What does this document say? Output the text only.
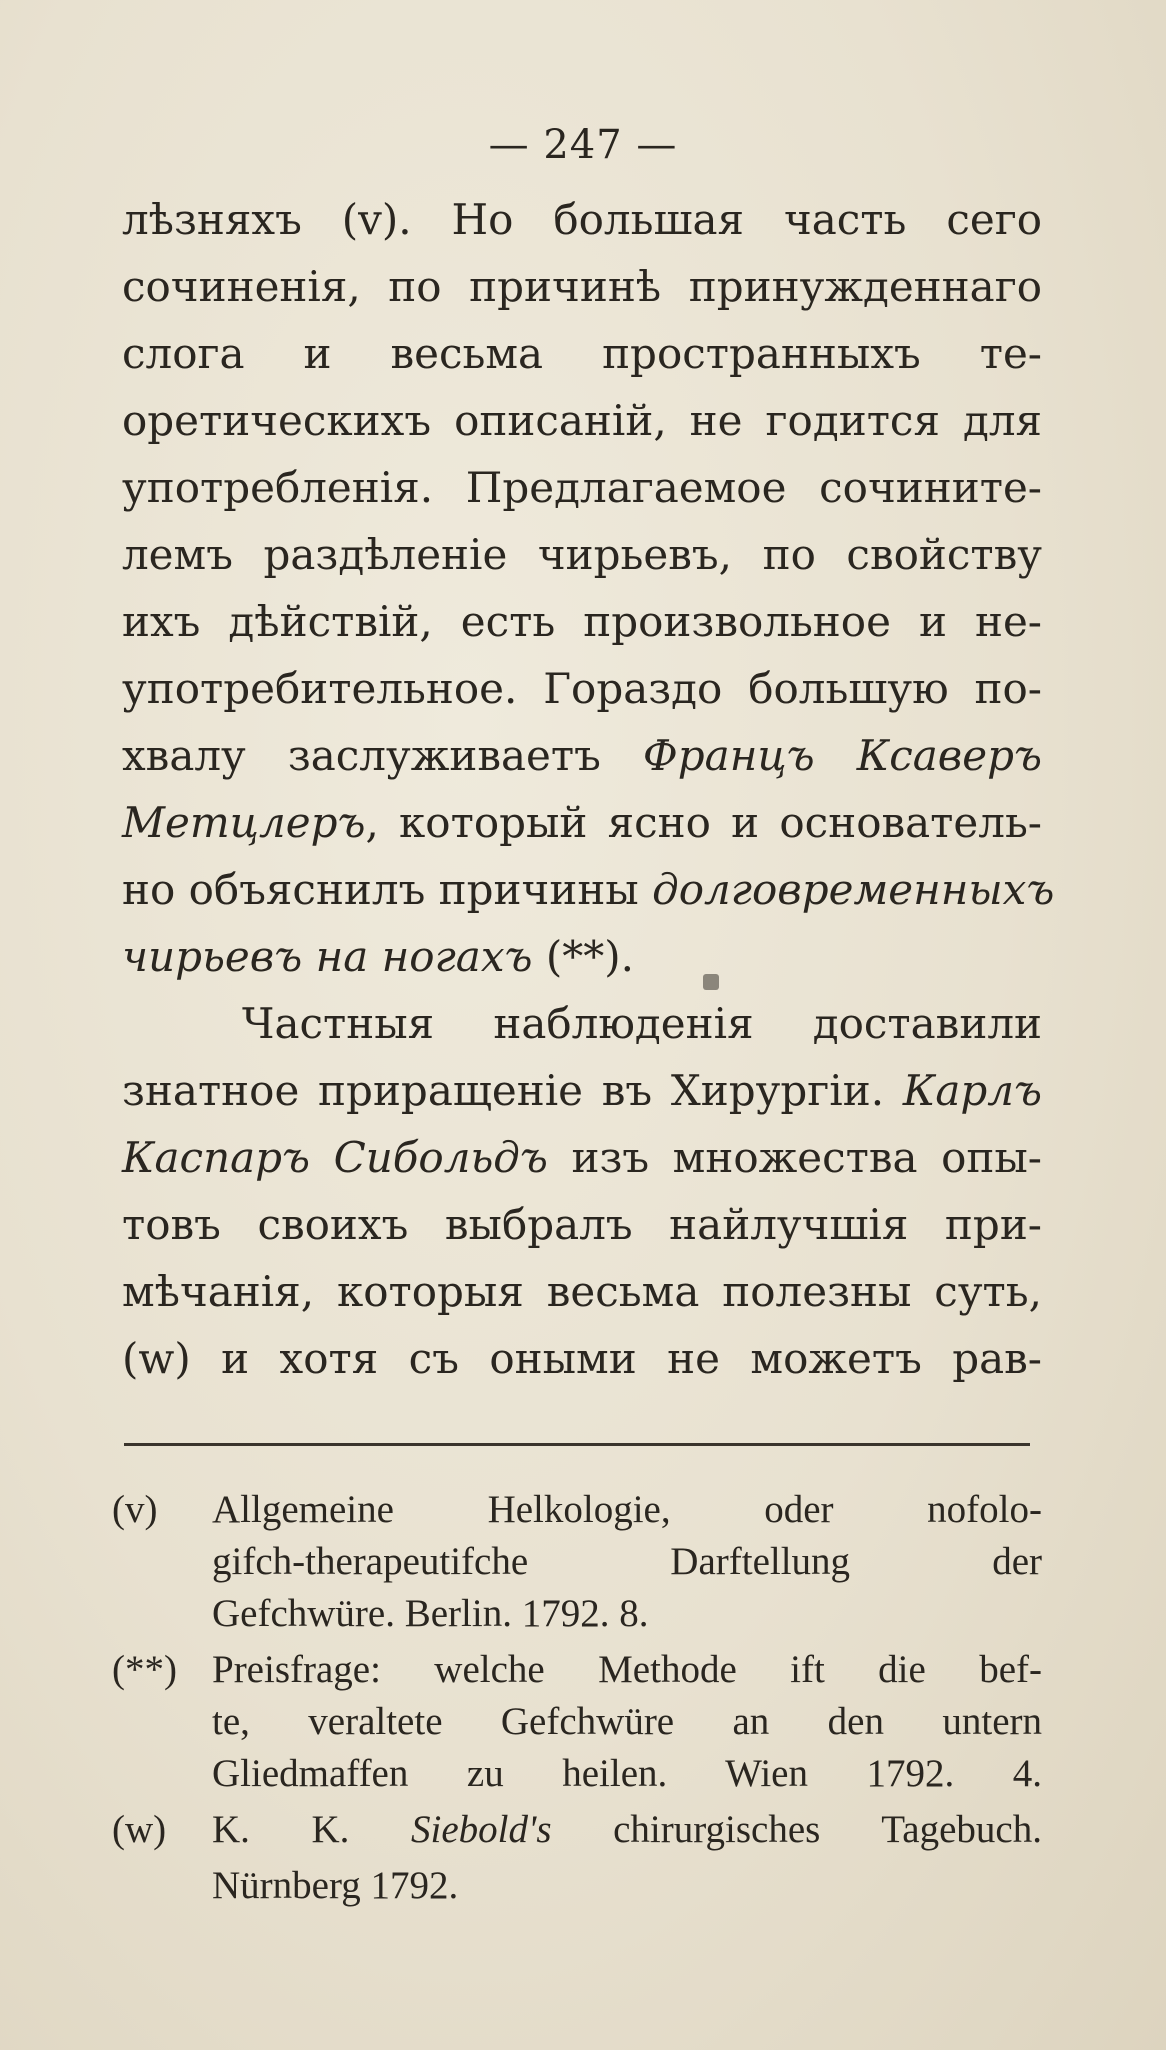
— 247 —
лѣзняхъ (v). Но большая часть сего
сочиненія, по причинѣ принужденнаго
слога и весьма пространныхъ те-
оретическихъ описаній, не годится для
употребленія. Предлагаемое сочините-
лемъ раздѣленіе чирьевъ, по свойству
ихъ дѣйствій, есть произвольное и не-
употребительное. Гораздо большую по-
хвалу заслуживаетъ Францъ Ксаверъ
Метцлеръ, который ясно и основатель-
но объяснилъ причины долговременныхъ
чирьевъ на ногахъ (**).
Частныя наблюденія доставили
знатное приращеніе въ Хирургіи. Карлъ
Каспаръ Сибольдъ изъ множества опы-
товъ своихъ выбралъ найлучшія при-
мѣчанія, которыя весьма полезны суть,
(w) и хотя съ оными не можетъ рав-
(v)	Allgemeine Helkologie, oder nofolo-
gifch-therapeutifche Darftellung der
Gefchwüre. Berlin. 1792. 8.
(**) Preisfrage: welche Methode ift die bef-
te, veraltete Gefchwüre an den untern
Gliedmaffen zu heilen. Wien 1792. 4.
(w)	K. K. Siebold's chirurgisches Tagebuch.
Nürnberg 1792.
